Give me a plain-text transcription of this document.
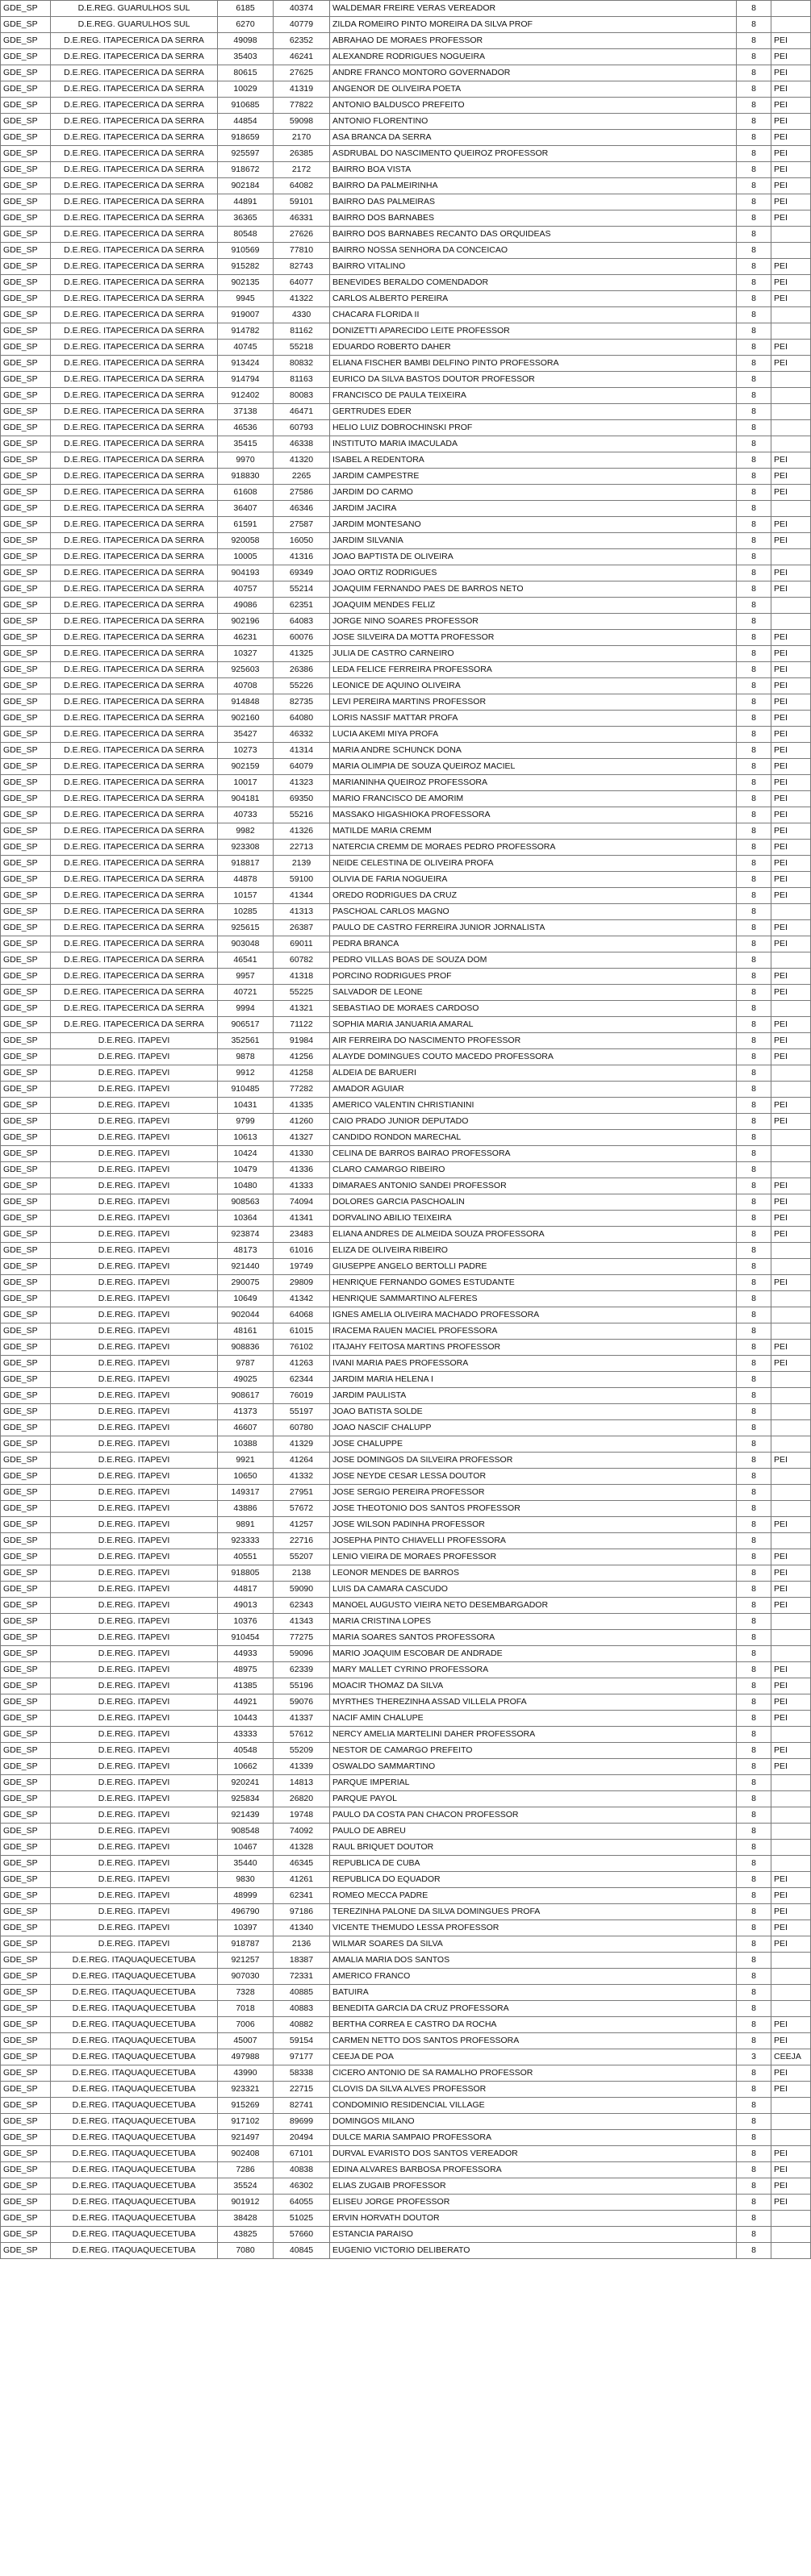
GDE_SP	D.E.REG. GUARULHOS SUL	6185	40374	WALDEMAR FREIRE VERAS VEREADOR	8	
GDE_SP	D.E.REG. GUARULHOS SUL	6270	40779	ZILDA ROMEIRO PINTO MOREIRA DA SILVA PROF	8	
GDE_SP	D.E.REG. ITAPECERICA DA SERRA	49098	62352	ABRAHAO DE MORAES PROFESSOR	8	PEI
GDE_SP	D.E.REG. ITAPECERICA DA SERRA	35403	46241	ALEXANDRE RODRIGUES NOGUEIRA	8	PEI
GDE_SP	D.E.REG. ITAPECERICA DA SERRA	80615	27625	ANDRE FRANCO MONTORO GOVERNADOR	8	PEI
GDE_SP	D.E.REG. ITAPECERICA DA SERRA	10029	41319	ANGENOR DE OLIVEIRA POETA	8	PEI
GDE_SP	D.E.REG. ITAPECERICA DA SERRA	910685	77822	ANTONIO BALDUSCO PREFEITO	8	PEI
GDE_SP	D.E.REG. ITAPECERICA DA SERRA	44854	59098	ANTONIO FLORENTINO	8	PEI
GDE_SP	D.E.REG. ITAPECERICA DA SERRA	918659	2170	ASA BRANCA DA SERRA	8	PEI
GDE_SP	D.E.REG. ITAPECERICA DA SERRA	925597	26385	ASDRUBAL DO NASCIMENTO QUEIROZ PROFESSOR	8	PEI
GDE_SP	D.E.REG. ITAPECERICA DA SERRA	918672	2172	BAIRRO BOA VISTA	8	PEI
GDE_SP	D.E.REG. ITAPECERICA DA SERRA	902184	64082	BAIRRO DA PALMEIRINHA	8	PEI
GDE_SP	D.E.REG. ITAPECERICA DA SERRA	44891	59101	BAIRRO DAS PALMEIRAS	8	PEI
GDE_SP	D.E.REG. ITAPECERICA DA SERRA	36365	46331	BAIRRO DOS BARNABES	8	PEI
GDE_SP	D.E.REG. ITAPECERICA DA SERRA	80548	27626	BAIRRO DOS BARNABES RECANTO DAS ORQUIDEAS	8	
GDE_SP	D.E.REG. ITAPECERICA DA SERRA	910569	77810	BAIRRO NOSSA SENHORA DA CONCEICAO	8	
GDE_SP	D.E.REG. ITAPECERICA DA SERRA	915282	82743	BAIRRO VITALINO	8	PEI
GDE_SP	D.E.REG. ITAPECERICA DA SERRA	902135	64077	BENEVIDES BERALDO COMENDADOR	8	PEI
GDE_SP	D.E.REG. ITAPECERICA DA SERRA	9945	41322	CARLOS ALBERTO PEREIRA	8	PEI
GDE_SP	D.E.REG. ITAPECERICA DA SERRA	919007	4330	CHACARA FLORIDA II	8	
GDE_SP	D.E.REG. ITAPECERICA DA SERRA	914782	81162	DONIZETTI APARECIDO LEITE PROFESSOR	8	
GDE_SP	D.E.REG. ITAPECERICA DA SERRA	40745	55218	EDUARDO ROBERTO DAHER	8	PEI
GDE_SP	D.E.REG. ITAPECERICA DA SERRA	913424	80832	ELIANA FISCHER BAMBI DELFINO PINTO PROFESSORA	8	PEI
GDE_SP	D.E.REG. ITAPECERICA DA SERRA	914794	81163	EURICO DA SILVA BASTOS DOUTOR PROFESSOR	8	
GDE_SP	D.E.REG. ITAPECERICA DA SERRA	912402	80083	FRANCISCO DE PAULA TEIXEIRA	8	
GDE_SP	D.E.REG. ITAPECERICA DA SERRA	37138	46471	GERTRUDES EDER	8	
GDE_SP	D.E.REG. ITAPECERICA DA SERRA	46536	60793	HELIO LUIZ DOBROCHINSKI PROF	8	
GDE_SP	D.E.REG. ITAPECERICA DA SERRA	35415	46338	INSTITUTO MARIA IMACULADA	8	
GDE_SP	D.E.REG. ITAPECERICA DA SERRA	9970	41320	ISABEL A REDENTORA	8	PEI
GDE_SP	D.E.REG. ITAPECERICA DA SERRA	918830	2265	JARDIM CAMPESTRE	8	PEI
GDE_SP	D.E.REG. ITAPECERICA DA SERRA	61608	27586	JARDIM DO CARMO	8	PEI
GDE_SP	D.E.REG. ITAPECERICA DA SERRA	36407	46346	JARDIM JACIRA	8	
GDE_SP	D.E.REG. ITAPECERICA DA SERRA	61591	27587	JARDIM MONTESANO	8	PEI
GDE_SP	D.E.REG. ITAPECERICA DA SERRA	920058	16050	JARDIM SILVANIA	8	PEI
GDE_SP	D.E.REG. ITAPECERICA DA SERRA	10005	41316	JOAO BAPTISTA DE OLIVEIRA	8	
GDE_SP	D.E.REG. ITAPECERICA DA SERRA	904193	69349	JOAO ORTIZ RODRIGUES	8	PEI
GDE_SP	D.E.REG. ITAPECERICA DA SERRA	40757	55214	JOAQUIM FERNANDO PAES DE BARROS NETO	8	PEI
GDE_SP	D.E.REG. ITAPECERICA DA SERRA	49086	62351	JOAQUIM MENDES FELIZ	8	
GDE_SP	D.E.REG. ITAPECERICA DA SERRA	902196	64083	JORGE NINO SOARES PROFESSOR	8	
GDE_SP	D.E.REG. ITAPECERICA DA SERRA	46231	60076	JOSE SILVEIRA DA MOTTA PROFESSOR	8	PEI
GDE_SP	D.E.REG. ITAPECERICA DA SERRA	10327	41325	JULIA DE CASTRO CARNEIRO	8	PEI
GDE_SP	D.E.REG. ITAPECERICA DA SERRA	925603	26386	LEDA FELICE FERREIRA PROFESSORA	8	PEI
GDE_SP	D.E.REG. ITAPECERICA DA SERRA	40708	55226	LEONICE DE AQUINO OLIVEIRA	8	PEI
GDE_SP	D.E.REG. ITAPECERICA DA SERRA	914848	82735	LEVI PEREIRA MARTINS PROFESSOR	8	PEI
GDE_SP	D.E.REG. ITAPECERICA DA SERRA	902160	64080	LORIS NASSIF MATTAR PROFA	8	PEI
GDE_SP	D.E.REG. ITAPECERICA DA SERRA	35427	46332	LUCIA AKEMI MIYA PROFA	8	PEI
GDE_SP	D.E.REG. ITAPECERICA DA SERRA	10273	41314	MARIA ANDRE SCHUNCK DONA	8	PEI
GDE_SP	D.E.REG. ITAPECERICA DA SERRA	902159	64079	MARIA OLIMPIA DE SOUZA QUEIROZ MACIEL	8	PEI
GDE_SP	D.E.REG. ITAPECERICA DA SERRA	10017	41323	MARIANINHA QUEIROZ PROFESSORA	8	PEI
GDE_SP	D.E.REG. ITAPECERICA DA SERRA	904181	69350	MARIO FRANCISCO DE AMORIM	8	PEI
GDE_SP	D.E.REG. ITAPECERICA DA SERRA	40733	55216	MASSAKO HIGASHIOKA PROFESSORA	8	PEI
GDE_SP	D.E.REG. ITAPECERICA DA SERRA	9982	41326	MATILDE MARIA CREMM	8	PEI
GDE_SP	D.E.REG. ITAPECERICA DA SERRA	923308	22713	NATERCIA CREMM DE MORAES PEDRO PROFESSORA	8	PEI
GDE_SP	D.E.REG. ITAPECERICA DA SERRA	918817	2139	NEIDE CELESTINA DE OLIVEIRA PROFA	8	PEI
GDE_SP	D.E.REG. ITAPECERICA DA SERRA	44878	59100	OLIVIA DE FARIA NOGUEIRA	8	PEI
GDE_SP	D.E.REG. ITAPECERICA DA SERRA	10157	41344	OREDO RODRIGUES DA CRUZ	8	PEI
GDE_SP	D.E.REG. ITAPECERICA DA SERRA	10285	41313	PASCHOAL CARLOS MAGNO	8	
GDE_SP	D.E.REG. ITAPECERICA DA SERRA	925615	26387	PAULO DE CASTRO FERREIRA JUNIOR JORNALISTA	8	PEI
GDE_SP	D.E.REG. ITAPECERICA DA SERRA	903048	69011	PEDRA BRANCA	8	PEI
GDE_SP	D.E.REG. ITAPECERICA DA SERRA	46541	60782	PEDRO VILLAS BOAS DE SOUZA DOM	8	
GDE_SP	D.E.REG. ITAPECERICA DA SERRA	9957	41318	PORCINO RODRIGUES PROF	8	PEI
GDE_SP	D.E.REG. ITAPECERICA DA SERRA	40721	55225	SALVADOR DE LEONE	8	PEI
GDE_SP	D.E.REG. ITAPECERICA DA SERRA	9994	41321	SEBASTIAO DE MORAES CARDOSO	8	
GDE_SP	D.E.REG. ITAPECERICA DA SERRA	906517	71122	SOPHIA MARIA JANUARIA AMARAL	8	PEI
GDE_SP	D.E.REG. ITAPEVI	352561	91984	AIR FERREIRA DO NASCIMENTO PROFESSOR	8	PEI
GDE_SP	D.E.REG. ITAPEVI	9878	41256	ALAYDE DOMINGUES COUTO MACEDO PROFESSORA	8	PEI
GDE_SP	D.E.REG. ITAPEVI	9912	41258	ALDEIA DE BARUERI	8	
GDE_SP	D.E.REG. ITAPEVI	910485	77282	AMADOR AGUIAR	8	
GDE_SP	D.E.REG. ITAPEVI	10431	41335	AMERICO VALENTIN CHRISTIANINI	8	PEI
GDE_SP	D.E.REG. ITAPEVI	9799	41260	CAIO PRADO JUNIOR DEPUTADO	8	PEI
GDE_SP	D.E.REG. ITAPEVI	10613	41327	CANDIDO RONDON MARECHAL	8	
GDE_SP	D.E.REG. ITAPEVI	10424	41330	CELINA DE BARROS BAIRAO PROFESSORA	8	
GDE_SP	D.E.REG. ITAPEVI	10479	41336	CLARO CAMARGO RIBEIRO	8	
GDE_SP	D.E.REG. ITAPEVI	10480	41333	DIMARAES ANTONIO SANDEI PROFESSOR	8	PEI
GDE_SP	D.E.REG. ITAPEVI	908563	74094	DOLORES GARCIA PASCHOALIN	8	PEI
GDE_SP	D.E.REG. ITAPEVI	10364	41341	DORVALINO ABILIO TEIXEIRA	8	PEI
GDE_SP	D.E.REG. ITAPEVI	923874	23483	ELIANA ANDRES DE ALMEIDA SOUZA PROFESSORA	8	PEI
GDE_SP	D.E.REG. ITAPEVI	48173	61016	ELIZA DE OLIVEIRA RIBEIRO	8	
GDE_SP	D.E.REG. ITAPEVI	921440	19749	GIUSEPPE ANGELO BERTOLLI PADRE	8	
GDE_SP	D.E.REG. ITAPEVI	290075	29809	HENRIQUE FERNANDO GOMES ESTUDANTE	8	PEI
GDE_SP	D.E.REG. ITAPEVI	10649	41342	HENRIQUE SAMMARTINO ALFERES	8	
GDE_SP	D.E.REG. ITAPEVI	902044	64068	IGNES AMELIA OLIVEIRA MACHADO PROFESSORA	8	
GDE_SP	D.E.REG. ITAPEVI	48161	61015	IRACEMA RAUEN MACIEL PROFESSORA	8	
GDE_SP	D.E.REG. ITAPEVI	908836	76102	ITAJAHY FEITOSA MARTINS PROFESSOR	8	PEI
GDE_SP	D.E.REG. ITAPEVI	9787	41263	IVANI MARIA PAES PROFESSORA	8	PEI
GDE_SP	D.E.REG. ITAPEVI	49025	62344	JARDIM MARIA HELENA I	8	
GDE_SP	D.E.REG. ITAPEVI	908617	76019	JARDIM PAULISTA	8	
GDE_SP	D.E.REG. ITAPEVI	41373	55197	JOAO BATISTA SOLDE	8	
GDE_SP	D.E.REG. ITAPEVI	46607	60780	JOAO NASCIF CHALUPP	8	
GDE_SP	D.E.REG. ITAPEVI	10388	41329	JOSE CHALUPPE	8	
GDE_SP	D.E.REG. ITAPEVI	9921	41264	JOSE DOMINGOS DA SILVEIRA PROFESSOR	8	PEI
GDE_SP	D.E.REG. ITAPEVI	10650	41332	JOSE NEYDE CESAR LESSA DOUTOR	8	
GDE_SP	D.E.REG. ITAPEVI	149317	27951	JOSE SERGIO PEREIRA PROFESSOR	8	
GDE_SP	D.E.REG. ITAPEVI	43886	57672	JOSE THEOTONIO DOS SANTOS PROFESSOR	8	
GDE_SP	D.E.REG. ITAPEVI	9891	41257	JOSE WILSON PADINHA PROFESSOR	8	PEI
GDE_SP	D.E.REG. ITAPEVI	923333	22716	JOSEPHA PINTO CHIAVELLI PROFESSORA	8	
GDE_SP	D.E.REG. ITAPEVI	40551	55207	LENIO VIEIRA DE MORAES PROFESSOR	8	PEI
GDE_SP	D.E.REG. ITAPEVI	918805	2138	LEONOR MENDES DE BARROS	8	PEI
GDE_SP	D.E.REG. ITAPEVI	44817	59090	LUIS DA CAMARA CASCUDO	8	PEI
GDE_SP	D.E.REG. ITAPEVI	49013	62343	MANOEL AUGUSTO VIEIRA NETO DESEMBARGADOR	8	PEI
GDE_SP	D.E.REG. ITAPEVI	10376	41343	MARIA CRISTINA LOPES	8	
GDE_SP	D.E.REG. ITAPEVI	910454	77275	MARIA SOARES SANTOS PROFESSORA	8	
GDE_SP	D.E.REG. ITAPEVI	44933	59096	MARIO JOAQUIM ESCOBAR DE ANDRADE	8	
GDE_SP	D.E.REG. ITAPEVI	48975	62339	MARY MALLET CYRINO PROFESSORA	8	PEI
GDE_SP	D.E.REG. ITAPEVI	41385	55196	MOACIR THOMAZ DA SILVA	8	PEI
GDE_SP	D.E.REG. ITAPEVI	44921	59076	MYRTHES THEREZINHA ASSAD VILLELA PROFA	8	PEI
GDE_SP	D.E.REG. ITAPEVI	10443	41337	NACIF AMIN CHALUPE	8	PEI
GDE_SP	D.E.REG. ITAPEVI	43333	57612	NERCY AMELIA MARTELINI DAHER PROFESSORA	8	
GDE_SP	D.E.REG. ITAPEVI	40548	55209	NESTOR DE CAMARGO PREFEITO	8	PEI
GDE_SP	D.E.REG. ITAPEVI	10662	41339	OSWALDO SAMMARTINO	8	PEI
GDE_SP	D.E.REG. ITAPEVI	920241	14813	PARQUE IMPERIAL	8	
GDE_SP	D.E.REG. ITAPEVI	925834	26820	PARQUE PAYOL	8	
GDE_SP	D.E.REG. ITAPEVI	921439	19748	PAULO DA COSTA PAN CHACON PROFESSOR	8	
GDE_SP	D.E.REG. ITAPEVI	908548	74092	PAULO DE ABREU	8	
GDE_SP	D.E.REG. ITAPEVI	10467	41328	RAUL BRIQUET DOUTOR	8	
GDE_SP	D.E.REG. ITAPEVI	35440	46345	REPUBLICA DE CUBA	8	
GDE_SP	D.E.REG. ITAPEVI	9830	41261	REPUBLICA DO EQUADOR	8	PEI
GDE_SP	D.E.REG. ITAPEVI	48999	62341	ROMEO MECCA PADRE	8	PEI
GDE_SP	D.E.REG. ITAPEVI	496790	97186	TEREZINHA PALONE DA SILVA DOMINGUES PROFA	8	PEI
GDE_SP	D.E.REG. ITAPEVI	10397	41340	VICENTE THEMUDO LESSA PROFESSOR	8	PEI
GDE_SP	D.E.REG. ITAPEVI	918787	2136	WILMAR SOARES DA SILVA	8	PEI
GDE_SP	D.E.REG. ITAQUAQUECETUBA	921257	18387	AMALIA MARIA DOS SANTOS	8	
GDE_SP	D.E.REG. ITAQUAQUECETUBA	907030	72331	AMERICO FRANCO	8	
GDE_SP	D.E.REG. ITAQUAQUECETUBA	7328	40885	BATUIRA	8	
GDE_SP	D.E.REG. ITAQUAQUECETUBA	7018	40883	BENEDITA GARCIA DA CRUZ PROFESSORA	8	
GDE_SP	D.E.REG. ITAQUAQUECETUBA	7006	40882	BERTHA CORREA E CASTRO DA ROCHA	8	PEI
GDE_SP	D.E.REG. ITAQUAQUECETUBA	45007	59154	CARMEN NETTO DOS SANTOS PROFESSORA	8	PEI
GDE_SP	D.E.REG. ITAQUAQUECETUBA	497988	97177	CEEJA DE POA	3	CEEJA
GDE_SP	D.E.REG. ITAQUAQUECETUBA	43990	58338	CICERO ANTONIO DE SA RAMALHO PROFESSOR	8	PEI
GDE_SP	D.E.REG. ITAQUAQUECETUBA	923321	22715	CLOVIS DA SILVA ALVES PROFESSOR	8	PEI
GDE_SP	D.E.REG. ITAQUAQUECETUBA	915269	82741	CONDOMINIO RESIDENCIAL VILLAGE	8	
GDE_SP	D.E.REG. ITAQUAQUECETUBA	917102	89699	DOMINGOS MILANO	8	
GDE_SP	D.E.REG. ITAQUAQUECETUBA	921497	20494	DULCE MARIA SAMPAIO PROFESSORA	8	
GDE_SP	D.E.REG. ITAQUAQUECETUBA	902408	67101	DURVAL EVARISTO DOS SANTOS VEREADOR	8	PEI
GDE_SP	D.E.REG. ITAQUAQUECETUBA	7286	40838	EDINA ALVARES BARBOSA PROFESSORA	8	PEI
GDE_SP	D.E.REG. ITAQUAQUECETUBA	35524	46302	ELIAS ZUGAIB PROFESSOR	8	PEI
GDE_SP	D.E.REG. ITAQUAQUECETUBA	901912	64055	ELISEU JORGE PROFESSOR	8	PEI
GDE_SP	D.E.REG. ITAQUAQUECETUBA	38428	51025	ERVIN HORVATH DOUTOR	8	
GDE_SP	D.E.REG. ITAQUAQUECETUBA	43825	57660	ESTANCIA PARAISO	8	
GDE_SP	D.E.REG. ITAQUAQUECETUBA	7080	40845	EUGENIO VICTORIO DELIBERATO	8	
